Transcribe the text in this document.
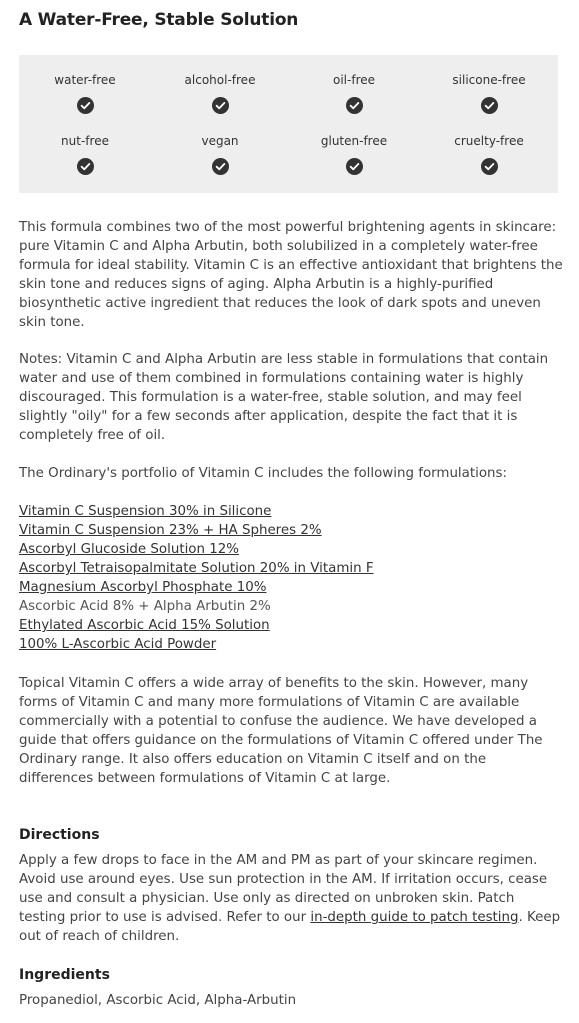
A Water-Free, Stable Solution
water-free	alcohol-free	oil-free	silicone-free
nut-free	vegan	gluten-free	cruelty-free

This formula combines two of the most powerful brightening agents in skincare: pure Vitamin C and Alpha Arbutin, both solubilized in a completely water-free formula for ideal stability. Vitamin C is an effective antioxidant that brightens the skin tone and reduces signs of aging. Alpha Arbutin is a highly-purified biosynthetic active ingredient that reduces the look of dark spots and uneven skin tone.

Notes: Vitamin C and Alpha Arbutin are less stable in formulations that contain water and use of them combined in formulations containing water is highly discouraged. This formulation is a water-free, stable solution, and may feel slightly "oily" for a few seconds after application, despite the fact that it is completely free of oil.

The Ordinary's portfolio of Vitamin C includes the following formulations:

Vitamin C Suspension 30% in Silicone
Vitamin C Suspension 23% + HA Spheres 2%
Ascorbyl Glucoside Solution 12%
Ascorbyl Tetraisopalmitate Solution 20% in Vitamin F
Magnesium Ascorbyl Phosphate 10%
Ascorbic Acid 8% + Alpha Arbutin 2%
Ethylated Ascorbic Acid 15% Solution
100% L-Ascorbic Acid Powder

Topical Vitamin C offers a wide array of benefits to the skin. However, many forms of Vitamin C and many more formulations of Vitamin C are available commercially with a potential to confuse the audience. We have developed a guide that offers guidance on the formulations of Vitamin C offered under The Ordinary range. It also offers education on Vitamin C itself and on the differences between formulations of Vitamin C at large.

Directions

Apply a few drops to face in the AM and PM as part of your skincare regimen. Avoid use around eyes. Use sun protection in the AM. If irritation occurs, cease use and consult a physician. Use only as directed on unbroken skin. Patch testing prior to use is advised. Refer to our in-depth guide to patch testing. Keep out of reach of children.

Ingredients

Propanediol, Ascorbic Acid, Alpha-Arbutin
